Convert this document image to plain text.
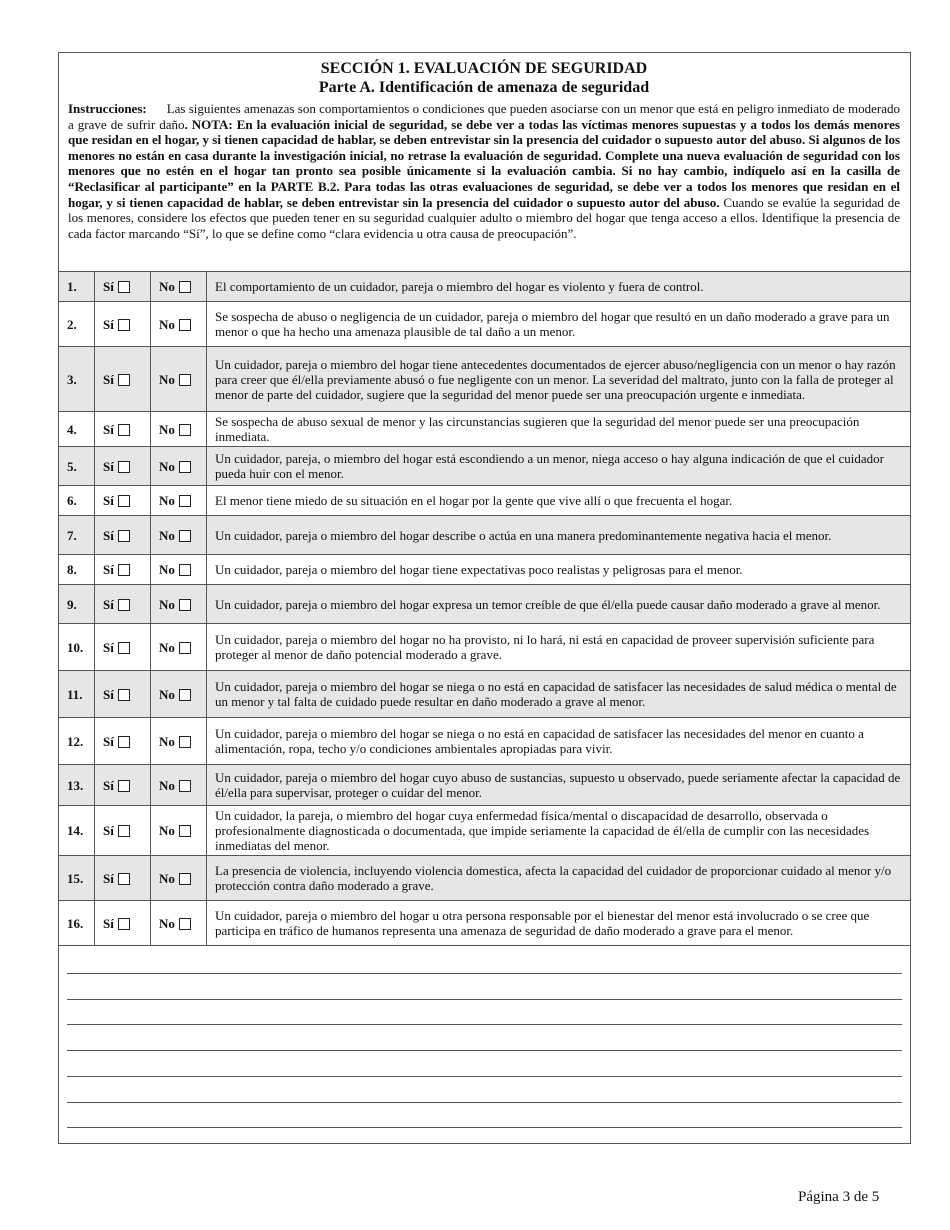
SECCIÓN 1. EVALUACIÓN DE SEGURIDAD
Parte A. Identificación de amenaza de seguridad
Instrucciones: Las siguientes amenazas son comportamientos o condiciones que pueden asociarse con un menor que está en peligro inmediato de moderado a grave de sufrir daño. NOTA: En la evaluación inicial de seguridad, se debe ver a todas las víctimas menores supuestas y a todos los demás menores que residan en el hogar, y si tienen capacidad de hablar, se deben entrevistar sin la presencia del cuidador o supuesto autor del abuso. Si algunos de los menores no están en casa durante la investigación inicial, no retrase la evaluación de seguridad. Complete una nueva evaluación de seguridad con los menores que no estén en el hogar tan pronto sea posible únicamente si la evaluación cambia. Si no hay cambio, indíquelo así en la casilla de “Reclasificar al participante” en la PARTE B.2. Para todas las otras evaluaciones de seguridad, se debe ver a todos los menores que residan en el hogar, y si tienen capacidad de hablar, se deben entrevistar sin la presencia del cuidador o supuesto autor del abuso. Cuando se evalúe la seguridad de los menores, considere los efectos que pueden tener en su seguridad cualquier adulto o miembro del hogar que tenga acceso a ellos. Identifique la presencia de cada factor marcando “Sí”, lo que se define como “clara evidencia u otra causa de preocupación”.
1.	Sí	No	El comportamiento de un cuidador, pareja o miembro del hogar es violento y fuera de control.
2.	Sí	No	Se sospecha de abuso o negligencia de un cuidador, pareja o miembro del hogar que resultó en un daño moderado a grave para un menor o que ha hecho una amenaza plausible de tal daño a un menor.
3.	Sí	No	Un cuidador, pareja o miembro del hogar tiene antecedentes documentados de ejercer abuso/negligencia con un menor o hay razón para creer que él/ella previamente abusó o fue negligente con un menor. La severidad del maltrato, junto con la falla de proteger al menor de parte del cuidador, sugiere que la seguridad del menor puede ser una preocupación urgente e inmediata.
4.	Sí	No	Se sospecha de abuso sexual de menor y las circunstancias sugieren que la seguridad del menor puede ser una preocupación inmediata.
5.	Sí	No	Un cuidador, pareja, o miembro del hogar está escondiendo a un menor, niega acceso o hay alguna indicación de que el cuidador pueda huir con el menor.
6.	Sí	No	El menor tiene miedo de su situación en el hogar por la gente que vive allí o que frecuenta el hogar.
7.	Sí	No	Un cuidador, pareja o miembro del hogar describe o actúa en una manera predominantemente negativa hacia el menor.
8.	Sí	No	Un cuidador, pareja o miembro del hogar tiene expectativas poco realistas y peligrosas para el menor.
9.	Sí	No	Un cuidador, pareja o miembro del hogar expresa un temor creíble de que él/ella puede causar daño moderado a grave al menor.
10.	Sí	No	Un cuidador, pareja o miembro del hogar no ha provisto, ni lo hará, ni está en capacidad de proveer supervisión suficiente para proteger al menor de daño potencial moderado a grave.
11.	Sí	No	Un cuidador, pareja o miembro del hogar se niega o no está en capacidad de satisfacer las necesidades de salud médica o mental de un menor y tal falta de cuidado puede resultar en daño moderado a grave al menor.
12.	Sí	No	Un cuidador, pareja o miembro del hogar se niega o no está en capacidad de satisfacer las necesidades del menor en cuanto a alimentación, ropa, techo y/o condiciones ambientales apropiadas para vivir.
13.	Sí	No	Un cuidador, pareja o miembro del hogar cuyo abuso de sustancias, supuesto u observado, puede seriamente afectar la capacidad de él/ella para supervisar, proteger o cuidar del menor.
14.	Sí	No	Un cuidador, la pareja, o miembro del hogar cuya enfermedad física/mental o discapacidad de desarrollo, observada o profesionalmente diagnosticada o documentada, que impide seriamente la capacidad de él/ella de cumplir con las necesidades inmediatas del menor.
15.	Sí	No	La presencia de violencia, incluyendo violencia domestica, afecta la capacidad del cuidador de proporcionar cuidado al menor y/o protección contra daño moderado a grave.
16.	Sí	No	Un cuidador, pareja o miembro del hogar u otra persona responsable por el bienestar del menor está involucrado o se cree que participa en tráfico de humanos representa una amenaza de seguridad de daño moderado a grave para el menor.
Página 3 de 5
